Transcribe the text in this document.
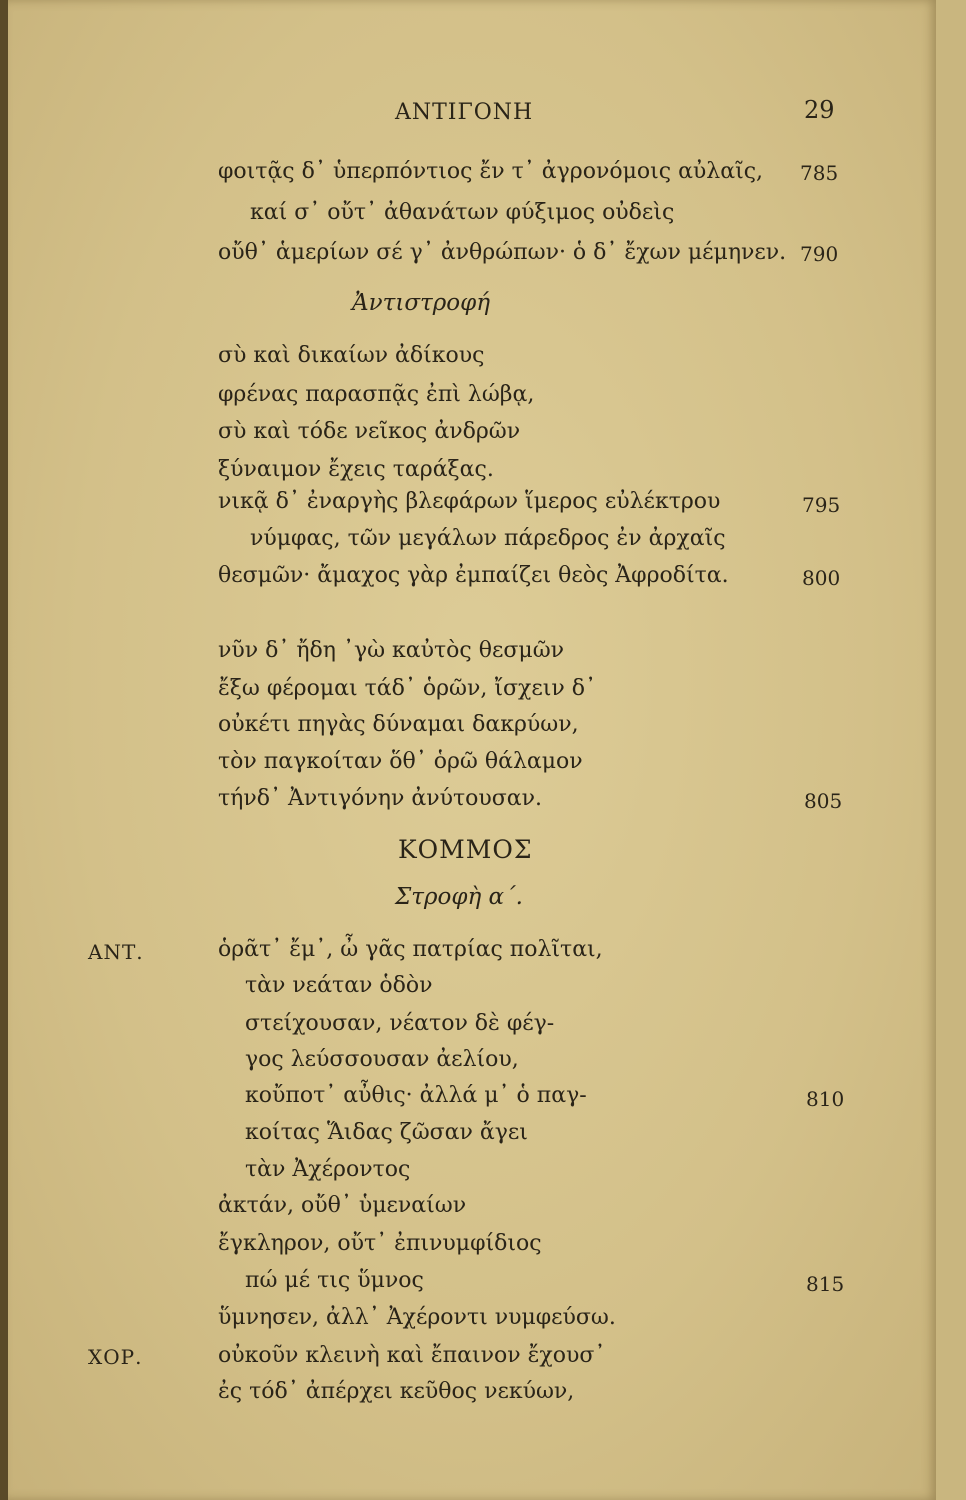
ΑΝΤΙΓΟΝΗ	29
φοιτᾷς δ᾽ ὑπερπόντιος ἔν τ᾽ ἀγρονόμοις αὐλαῖς, 785
καί σ᾽ οὔτ᾽ ἀθανάτων φύξιμος οὐδεὶς
οὔθ᾽ ἁμερίων σέ γ᾽ ἀνθρώπων· ὁ δ᾽ ἔχων μέμηνεν. 790
Ἀντιστροφή
σὺ καὶ δικαίων ἀδίκους
φρένας παρασπᾷς ἐπὶ λώβᾳ,
σὺ καὶ τόδε νεῖκος ἀνδρῶν
ξύναιμον ἔχεις ταράξας.
νικᾷ δ᾽ ἐναργὴς βλεφάρων ἵμερος εὐλέκτρου	795
νύμφας, τῶν μεγάλων πάρεδρος ἐν ἀρχαῖς
θεσμῶν· ἄμαχος γὰρ ἐμπαίζει θεὸς Ἀφροδίτα.	800
νῦν δ᾽ ἤδη ᾽γὼ καὐτὸς θεσμῶν
ἔξω φέρομαι τάδ᾽ ὁρῶν, ἴσχειν δ᾽
οὐκέτι πηγὰς δύναμαι δακρύων,
τὸν παγκοίταν ὅθ᾽ ὁρῶ θάλαμον
τήνδ᾽ Ἀντιγόνην ἀνύτουσαν.	805
ΚΟΜΜΟΣ
Στροφὴ α΄.
ΑΝΤ.
ΧΟΡ.
ὁρᾶτ᾽ ἔμ᾽, ὦ γᾶς πατρίας πολῖται,
τὰν νεάταν ὁδὸν
στείχουσαν, νέατον δὲ φέγ-
γος λεύσσουσαν ἀελίου,
κοὔποτ᾽ αὖθις· ἀλλά μ᾽ ὁ παγ-	810
κοίτας Ἅιδας ζῶσαν ἄγει
τὰν Ἀχέροντος
ἀκτάν, οὔθ᾽ ὑμεναίων
ἔγκληρον, οὔτ᾽ ἐπινυμφίδιος
πώ μέ τις ὕμνος	815
ὕμνησεν, ἀλλ᾽ Ἀχέροντι νυμφεύσω.
οὐκοῦν κλεινὴ καὶ ἔπαινον ἔχουσ᾽
ἐς τόδ᾽ ἀπέρχει κεῦθος νεκύων,
